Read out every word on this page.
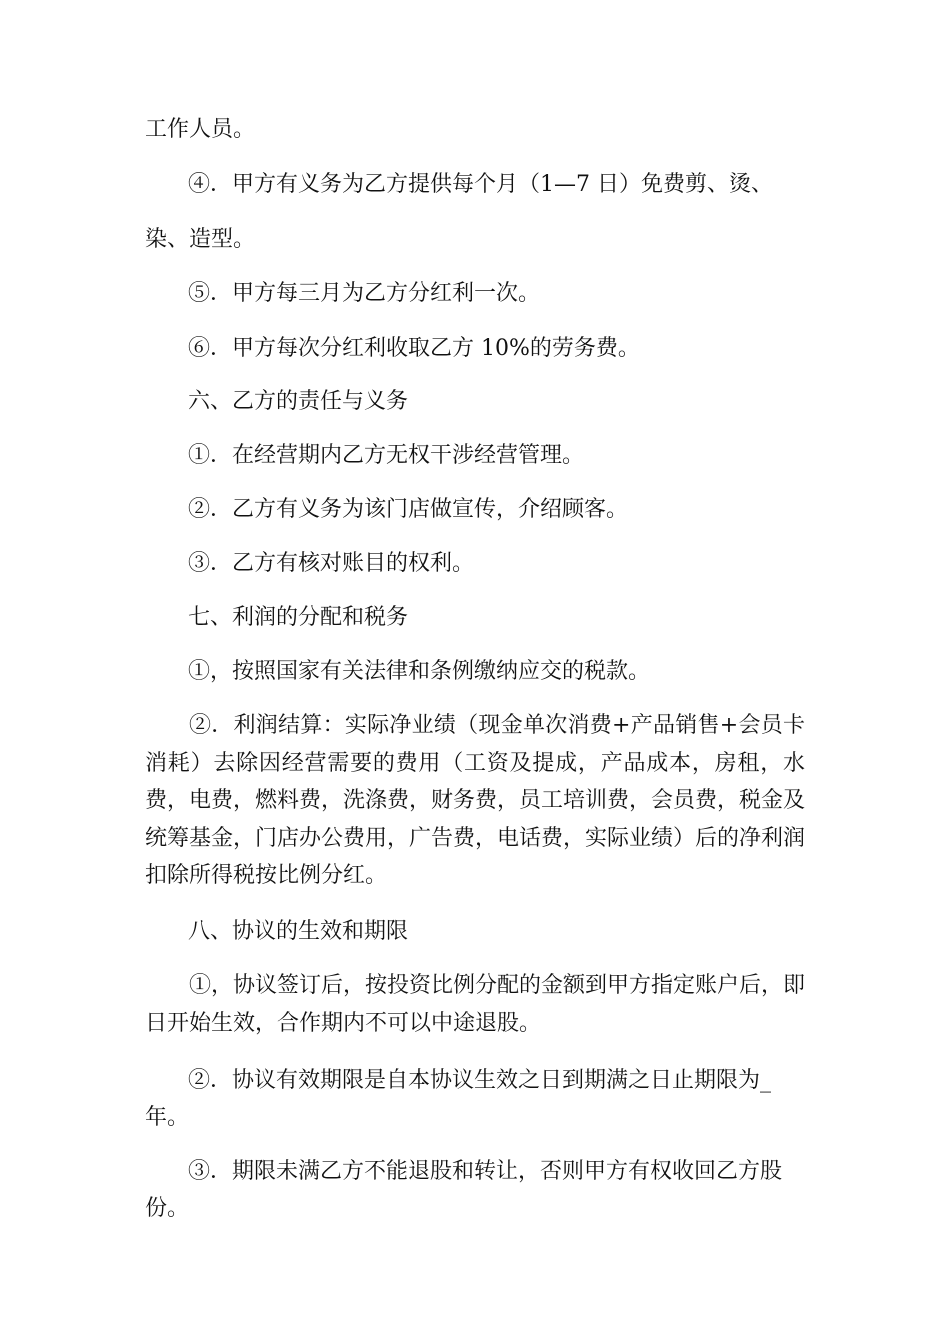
工作人员。
④．甲方有义务为乙方提供每个月（1—7 日）免费剪、烫、
染、造型。
⑤．甲方每三月为乙方分红利一次。
⑥．甲方每次分红利收取乙方 10%的劳务费。
六、乙方的责任与义务
①．在经营期内乙方无权干涉经营管理。
②．乙方有义务为该门店做宣传，介绍顾客。
③．乙方有核对账目的权利。
七、利润的分配和税务
①，按照国家有关法律和条例缴纳应交的税款。
②．利润结算：实际净业绩（现金单次消费+产品销售+会员卡消耗）去除因经营需要的费用（工资及提成，产品成本，房租，水费，电费，燃料费，洗涤费，财务费，员工培训费，会员费，税金及统筹基金，门店办公费用，广告费，电话费，实际业绩）后的净利润扣除所得税按比例分红。
八、协议的生效和期限
①，协议签订后，按投资比例分配的金额到甲方指定账户后，即日开始生效，合作期内不可以中途退股。
②．协议有效期限是自本协议生效之日到期满之日止期限为_
年。
③．期限未满乙方不能退股和转让，否则甲方有权收回乙方股
份。
